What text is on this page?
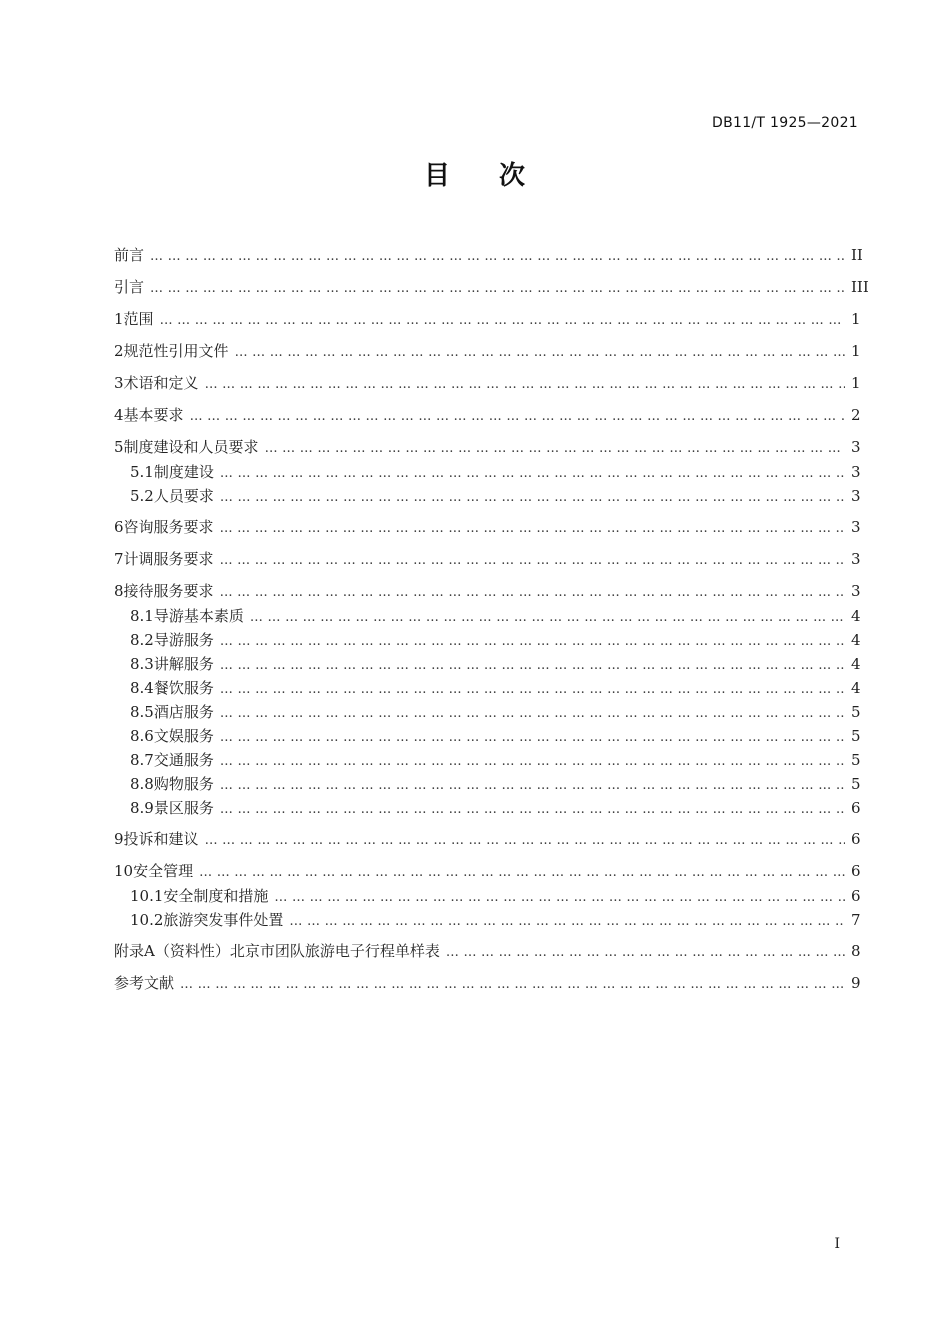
DB11/T 1925—2021
目 次
前言 …………………………………………………………………………………………………………………………………………………………………………………………………………………………………………………………………………………………………………………………………………………………………………………	II
引言 …………………………………………………………………………………………………………………………………………………………………………………………………………………………………………………………………………………………………………………………………………………………………………………	III
1 范围 …………………………………………………………………………………………………………………………………………………………………………………………………………………………………………………………………………………………………………………………………………………………………………………	1
2 规范性引用文件 …………………………………………………………………………………………………………………………………………………………………………………………………………………………………………………………………………………………………………………………………………………………………………………	1
3 术语和定义 …………………………………………………………………………………………………………………………………………………………………………………………………………………………………………………………………………………………………………………………………………………………………………………	1
4 基本要求 …………………………………………………………………………………………………………………………………………………………………………………………………………………………………………………………………………………………………………………………………………………………………………………	2
5 制度建设和人员要求 …………………………………………………………………………………………………………………………………………………………………………………………………………………………………………………………………………………………………………………………………………………………………………………	3
5.1 制度建设 …………………………………………………………………………………………………………………………………………………………………………………………………………………………………………………………………………………………………………………………………………………………………………………	3
5.2 人员要求 …………………………………………………………………………………………………………………………………………………………………………………………………………………………………………………………………………………………………………………………………………………………………………………	3
6 咨询服务要求 …………………………………………………………………………………………………………………………………………………………………………………………………………………………………………………………………………………………………………………………………………………………………………………	3
7 计调服务要求 …………………………………………………………………………………………………………………………………………………………………………………………………………………………………………………………………………………………………………………………………………………………………………………	3
8 接待服务要求 …………………………………………………………………………………………………………………………………………………………………………………………………………………………………………………………………………………………………………………………………………………………………………………	3
8.1 导游基本素质 …………………………………………………………………………………………………………………………………………………………………………………………………………………………………………………………………………………………………………………………………………………………………………………	4
8.2 导游服务 …………………………………………………………………………………………………………………………………………………………………………………………………………………………………………………………………………………………………………………………………………………………………………………	4
8.3 讲解服务 …………………………………………………………………………………………………………………………………………………………………………………………………………………………………………………………………………………………………………………………………………………………………………………	4
8.4 餐饮服务 …………………………………………………………………………………………………………………………………………………………………………………………………………………………………………………………………………………………………………………………………………………………………………………	4
8.5 酒店服务 …………………………………………………………………………………………………………………………………………………………………………………………………………………………………………………………………………………………………………………………………………………………………………………	5
8.6 文娱服务 …………………………………………………………………………………………………………………………………………………………………………………………………………………………………………………………………………………………………………………………………………………………………………………	5
8.7 交通服务 …………………………………………………………………………………………………………………………………………………………………………………………………………………………………………………………………………………………………………………………………………………………………………………	5
8.8 购物服务 …………………………………………………………………………………………………………………………………………………………………………………………………………………………………………………………………………………………………………………………………………………………………………………	5
8.9 景区服务 …………………………………………………………………………………………………………………………………………………………………………………………………………………………………………………………………………………………………………………………………………………………………………………	6
9 投诉和建议 …………………………………………………………………………………………………………………………………………………………………………………………………………………………………………………………………………………………………………………………………………………………………………………	6
10 安全管理 …………………………………………………………………………………………………………………………………………………………………………………………………………………………………………………………………………………………………………………………………………………………………………………	6
10.1 安全制度和措施 …………………………………………………………………………………………………………………………………………………………………………………………………………………………………………………………………………………………………………………………………………………………………………………	6
10.2 旅游突发事件处置 …………………………………………………………………………………………………………………………………………………………………………………………………………………………………………………………………………………………………………………………………………………………………………………	7
附录A（资料性） 北京市团队旅游电子行程单样表 …………………………………………………………………………………………………………………………………………………………………………………………………………………………………………………………………………………………………………………………………………………………………………………	8
参考文献 …………………………………………………………………………………………………………………………………………………………………………………………………………………………………………………………………………………………………………………………………………………………………………………	9
I
